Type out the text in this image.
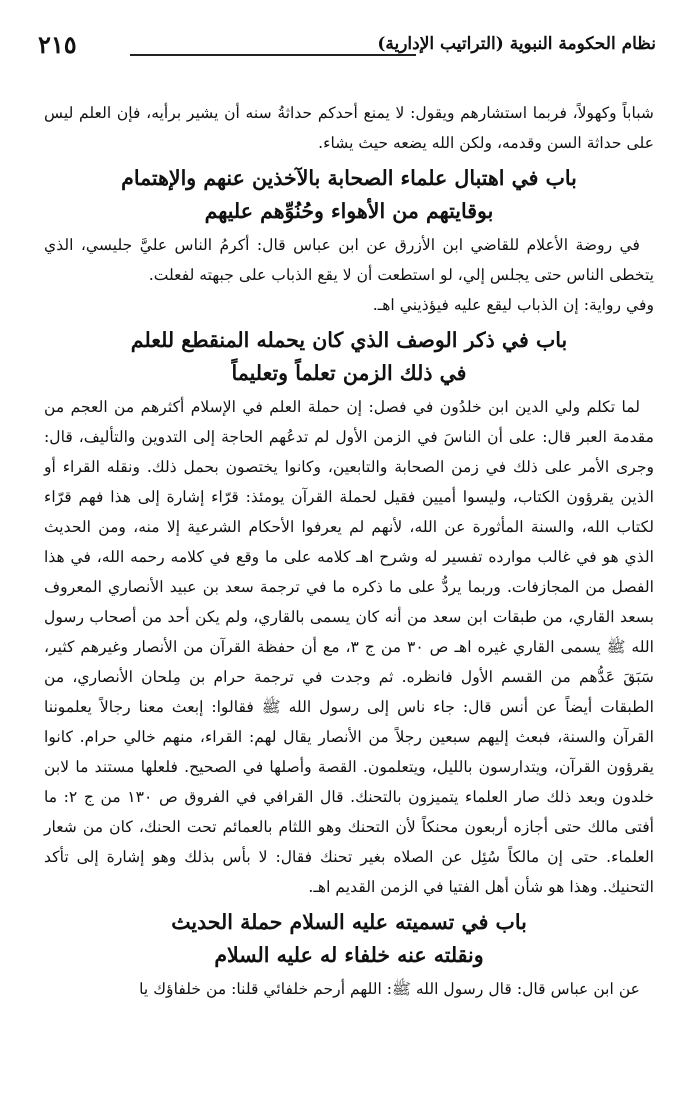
نظام الحكومة النبوية (التراتيب الإدارية)
٢١٥

شباباً وكهولاً، فربما استشارهم ويقول: لا يمنع أحدكم حداثةُ سنه أن يشير برأيه، فإن العلم ليس على حداثة السن وقدمه، ولكن الله يضعه حيث يشاء.

باب في اهتبال علماء الصحابة بالآخذين عنهم والإهتمام
بوقايتهم من الأهواء وحُنُوِّهم عليهم

في روضة الأعلام للقاضي ابن الأزرق عن ابن عباس قال: أكرمُ الناس عليَّ جليسي، الذي يتخطى الناس حتى يجلس إلي، لو استطعت أن لا يقع الذباب على جبهته لفعلت.

وفي رواية: إن الذباب ليقع عليه فيؤذيني اهـ.

باب في ذكر الوصف الذي كان يحمله المنقطع للعلم
في ذلك الزمن تعلماً وتعليماً

لما تكلم ولي الدين ابن خلدُون في فصل: إن حملة العلم في الإسلام أكثرهم من العجم من مقدمة العبر قال: على أن الناسَ في الزمن الأول لم تدعُهم الحاجة إلى التدوين والتأليف، قال: وجرى الأمر على ذلك في زمن الصحابة والتابعين، وكانوا يختصون بحمل ذلك. ونقله القراء أو الذين يقرؤون الكتاب، وليسوا أميين فقيل لحملة القرآن يومئذ: قرّاء إشارة إلى هذا فهم قرّاء لكتاب الله، والسنة المأثورة عن الله، لأنهم لم يعرفوا الأحكام الشرعية إلا منه، ومن الحديث الذي هو في غالب موارده تفسير له وشرح اهـ كلامه على ما وقع في كلامه رحمه الله، في هذا الفصل من المجازفات. وربما يردُّ على ما ذكره ما في ترجمة سعد بن عبيد الأنصاري المعروف بسعد القاري، من طبقات ابن سعد من أنه كان يسمى بالقاري، ولم يكن أحد من أصحاب رسول الله ﷺ يسمى القاري غيره اهـ ص ٣٠ من ج ٣، مع أن حفظة القرآن من الأنصار وغيرهم كثير، سَبَقَ عَدُّهم من القسم الأول فانظره. ثم وجدت في ترجمة حرام بن مِلحان الأنصاري، من الطبقات أيضاً عن أنس قال: جاء ناس إلى رسول الله ﷺ فقالوا: إبعث معنا رجالاً يعلموننا القرآن والسنة، فبعث إليهم سبعين رجلاً من الأنصار يقال لهم: القراء، منهم خالي حرام. كانوا يقرؤون القرآن، ويتدارسون بالليل، ويتعلمون. القصة وأصلها في الصحيح. فلعلها مستند ما لابن خلدون وبعد ذلك صار العلماء يتميزون بالتحنك. قال القرافي في الفروق ص ١٣٠ من ج ٢: ما أفتى مالك حتى أجازه أربعون محنكاً لأن التحنك وهو اللثام بالعمائم تحت الحنك، كان من شعار العلماء. حتى إن مالكاً سُئِل عن الصلاه بغير تحنك فقال: لا بأس بذلك وهو إشارة إلى تأكد التحنيك. وهذا هو شأن أهل الفتيا في الزمن القديم اهـ.

باب في تسميته عليه السلام حملة الحديث
ونقلته عنه خلفاء له عليه السلام

عن ابن عباس قال: قال رسول الله ﷺ: اللهم أرحم خلفائي قلنا: من خلفاؤك يا
